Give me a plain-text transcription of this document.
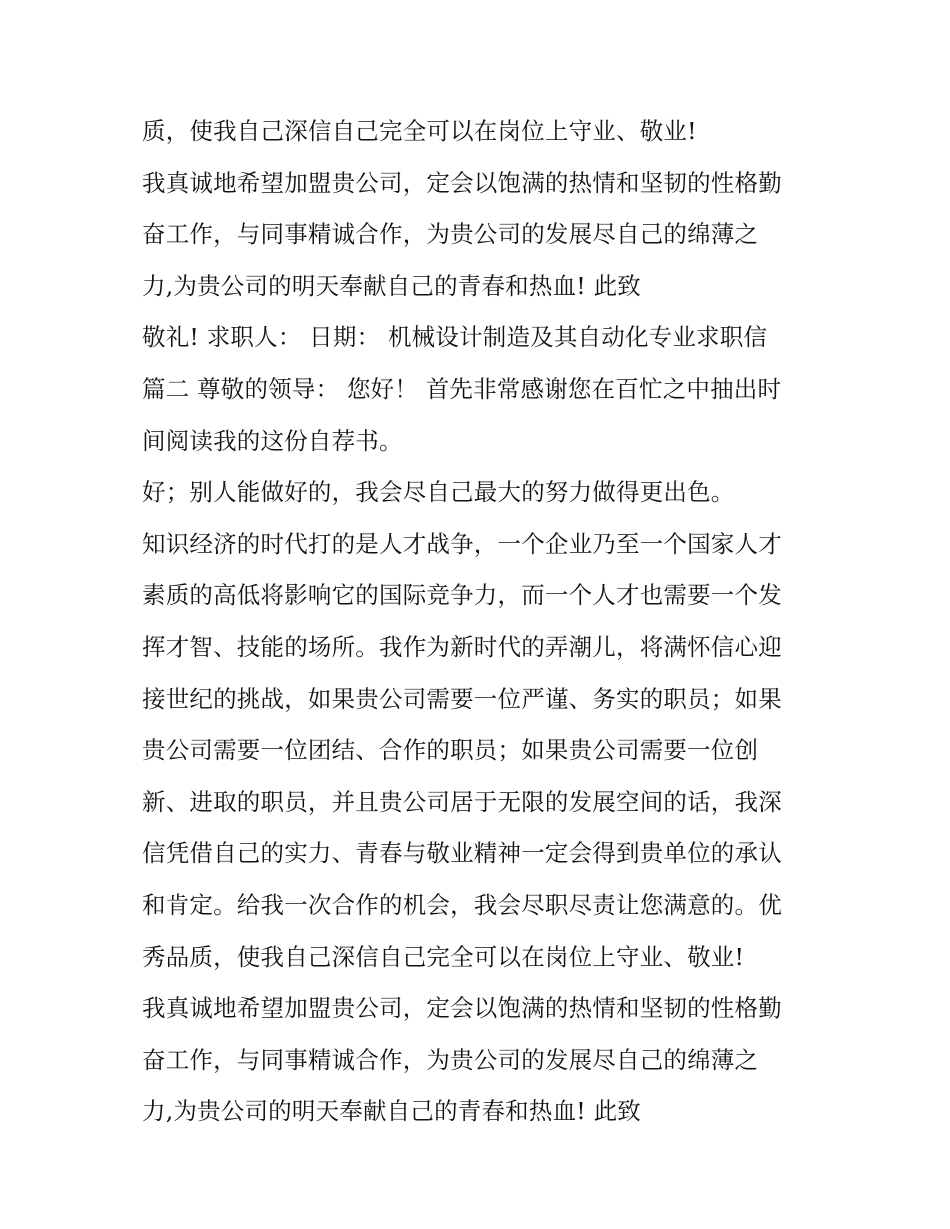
质，使我自己深信自己完全可以在岗位上守业、敬业!
我真诚地希望加盟贵公司，定会以饱满的热情和坚韧的性格勤
奋工作，与同事精诚合作，为贵公司的发展尽自己的绵薄之
力,为贵公司的明天奉献自己的青春和热血! 此致
敬礼! 求职人： 日期： 机械设计制造及其自动化专业求职信
篇二 尊敬的领导： 您好！ 首先非常感谢您在百忙之中抽出时
间阅读我的这份自荐书。
好；别人能做好的，我会尽自己最大的努力做得更出色。
知识经济的时代打的是人才战争，一个企业乃至一个国家人才
素质的高低将影响它的国际竞争力，而一个人才也需要一个发
挥才智、技能的场所。我作为新时代的弄潮儿，将满怀信心迎
接世纪的挑战，如果贵公司需要一位严谨、务实的职员；如果
贵公司需要一位团结、合作的职员；如果贵公司需要一位创
新、进取的职员，并且贵公司居于无限的发展空间的话，我深
信凭借自己的实力、青春与敬业精神一定会得到贵单位的承认
和肯定。给我一次合作的机会，我会尽职尽责让您满意的。优
秀品质，使我自己深信自己完全可以在岗位上守业、敬业!
我真诚地希望加盟贵公司，定会以饱满的热情和坚韧的性格勤
奋工作，与同事精诚合作，为贵公司的发展尽自己的绵薄之
力,为贵公司的明天奉献自己的青春和热血! 此致
